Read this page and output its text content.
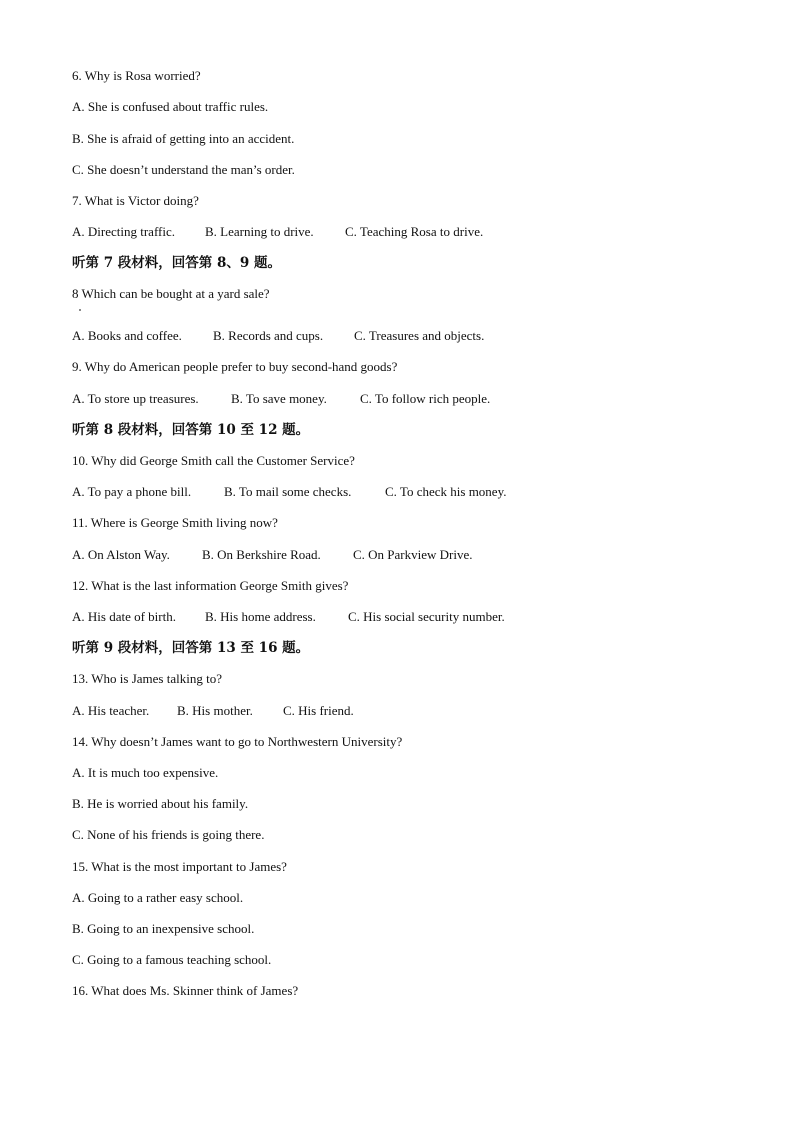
6. Why is Rosa worried?
A. She is confused about traffic rules.
B. She is afraid of getting into an accident.
C. She doesn’t understand the man’s order.
7. What is Victor doing?
A. Directing traffic. B. Learning to drive. C. Teaching Rosa to drive.
听第 7 段材料，回答第 8、9 题。
8 Which can be bought at a yard sale?
A. Books and coffee. B. Records and cups. C. Treasures and objects.
9. Why do American people prefer to buy second-hand goods?
A. To store up treasures. B. To save money.	C. To follow rich people.
听第 8 段材料，回答第 10 至 12 题。
10. Why did George Smith call the Customer Service?
A. To pay a phone bill.	B. To mail some checks.	C. To check his money.
11. Where is George Smith living now?
A. On Alston Way. B. On Berkshire Road. C. On Parkview Drive.
12. What is the last information George Smith gives?
A. His date of birth. B. His home address. C. His social security number.
听第 9 段材料，回答第 13 至 16 题。
13. Who is James talking to?
A. His teacher. B. His mother. C. His friend.
14. Why doesn’t James want to go to Northwestern University?
A. It is much too expensive.
B. He is worried about his family.
C. None of his friends is going there.
15. What is the most important to James?
A. Going to a rather easy school.
B. Going to an inexpensive school.
C. Going to a famous teaching school.
16. What does Ms. Skinner think of James?
